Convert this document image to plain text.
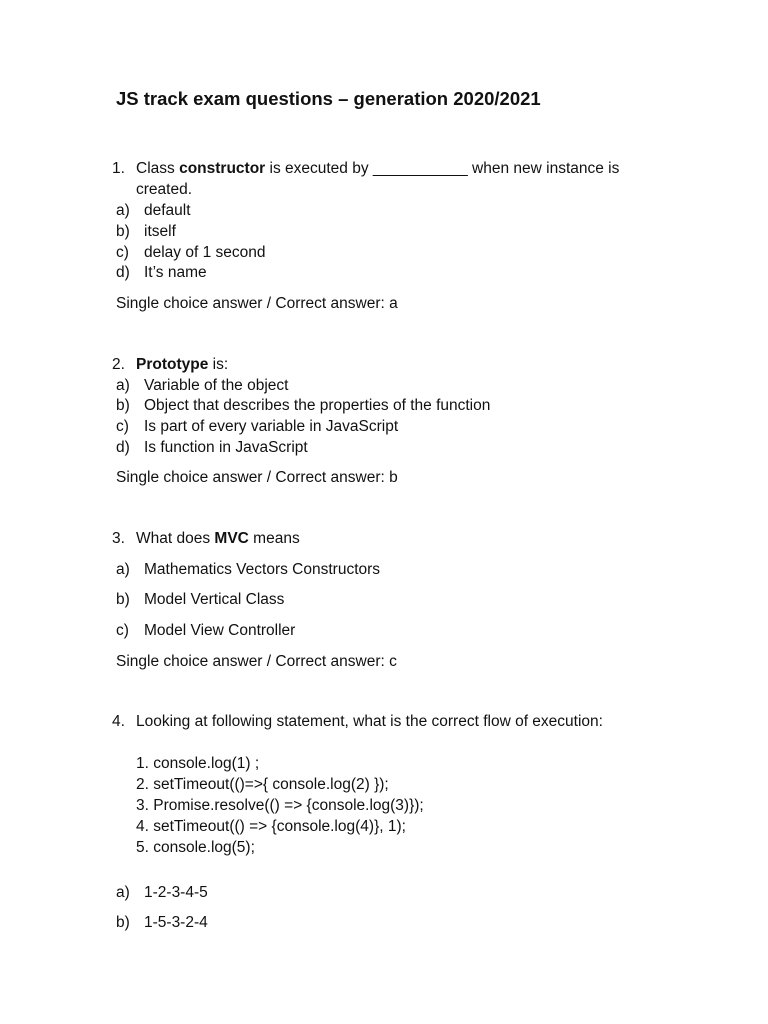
JS track exam questions – generation 2020/2021
1. Class constructor is executed by ___________ when new instance is
created.
a) default
b) itself
c) delay of 1 second
d) It’s name
Single choice answer / Correct answer: a
2. Prototype is:
a) Variable of the object
b) Object that describes the properties of the function
c) Is part of every variable in JavaScript
d) Is function in JavaScript
Single choice answer / Correct answer: b
3. What does MVC means
a) Mathematics Vectors Constructors
b) Model Vertical Class
c) Model View Controller
Single choice answer / Correct answer: c
4. Looking at following statement, what is the correct flow of execution:
1. console.log(1) ;
2. setTimeout(()=>{ console.log(2) });
3. Promise.resolve(() => {console.log(3)});
4. setTimeout(() => {console.log(4)}, 1);
5. console.log(5);
a) 1-2-3-4-5
b) 1-5-3-2-4
